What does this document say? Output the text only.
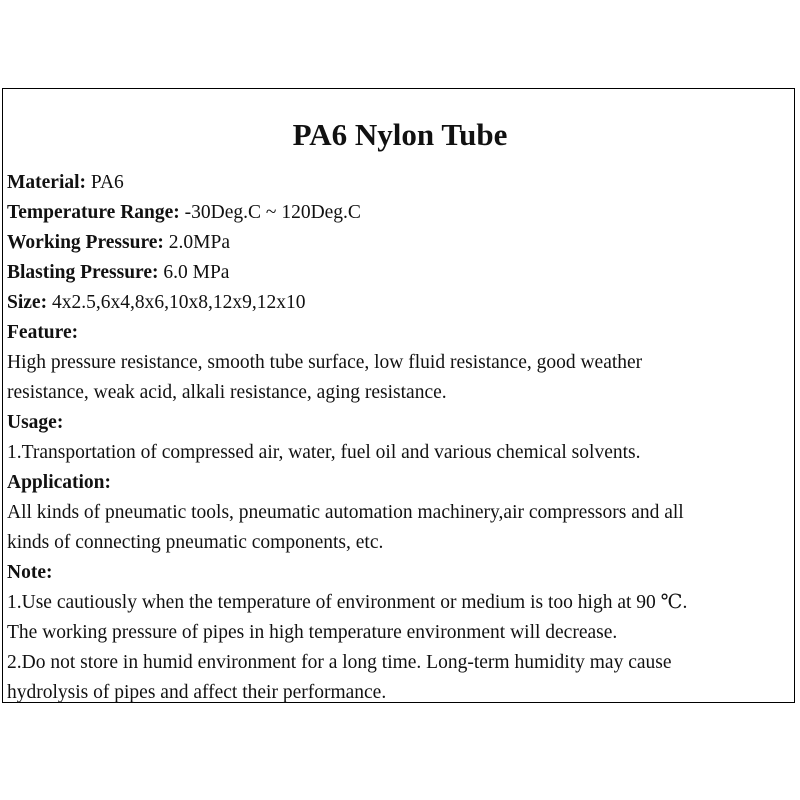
PA6 Nylon Tube
Material: PA6
Temperature Range: -30Deg.C ~ 120Deg.C
Working Pressure: 2.0MPa
Blasting Pressure: 6.0 MPa
Size: 4x2.5,6x4,8x6,10x8,12x9,12x10
Feature:
High pressure resistance, smooth tube surface, low fluid resistance, good weather
resistance, weak acid, alkali resistance, aging resistance.
Usage:
1.Transportation of compressed air, water, fuel oil and various chemical solvents.
Application:
All kinds of pneumatic tools, pneumatic automation machinery,air compressors and all
kinds of connecting pneumatic components, etc.
Note:
1.Use cautiously when the temperature of environment or medium is too high at 90 ℃.
The working pressure of pipes in high temperature environment will decrease.
2.Do not store in humid environment for a long time. Long-term humidity may cause
hydrolysis of pipes and affect their performance.
